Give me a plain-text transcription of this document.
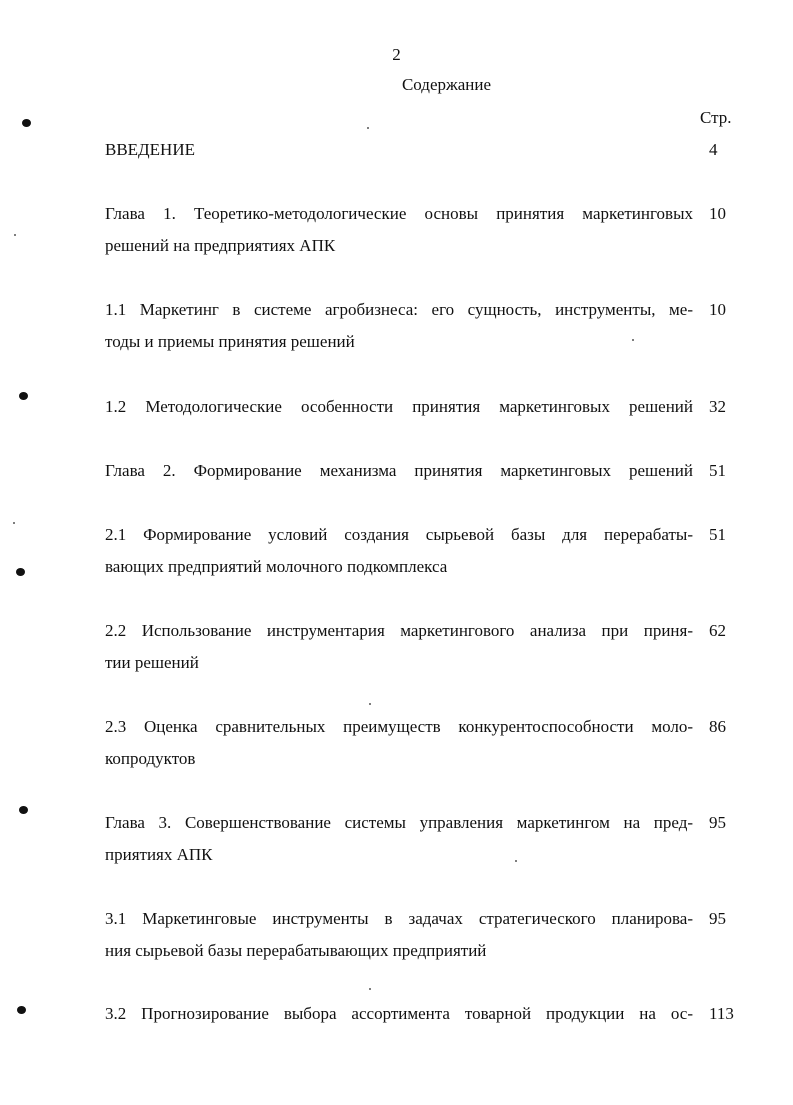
2
Содержание
Стр.
ВВЕДЕНИЕ	4
Глава 1. Теоретико-методологические основы принятия маркетинговых
решений на предприятиях АПК
10
1.1 Маркетинг в системе агробизнеса: его сущность, инструменты, ме-
тоды и приемы принятия решений
10
1.2 Методологические особенности принятия маркетинговых решений 32
Глава 2. Формирование механизма принятия маркетинговых решений 51
2.1 Формирование условий создания сырьевой базы для перерабаты-
вающих предприятий молочного подкомплекса
51
2.2 Использование инструментария маркетингового анализа при приня-
тии решений
62
2.3 Оценка сравнительных преимуществ конкурентоспособности моло-
копродуктов
86
Глава 3. Совершенствование системы управления маркетингом на пред-
приятиях АПК
95
3.1 Маркетинговые инструменты в задачах стратегического планирова-
ния сырьевой базы перерабатывающих предприятий
95
3.2 Прогнозирование выбора ассортимента товарной продукции на ос- 113
